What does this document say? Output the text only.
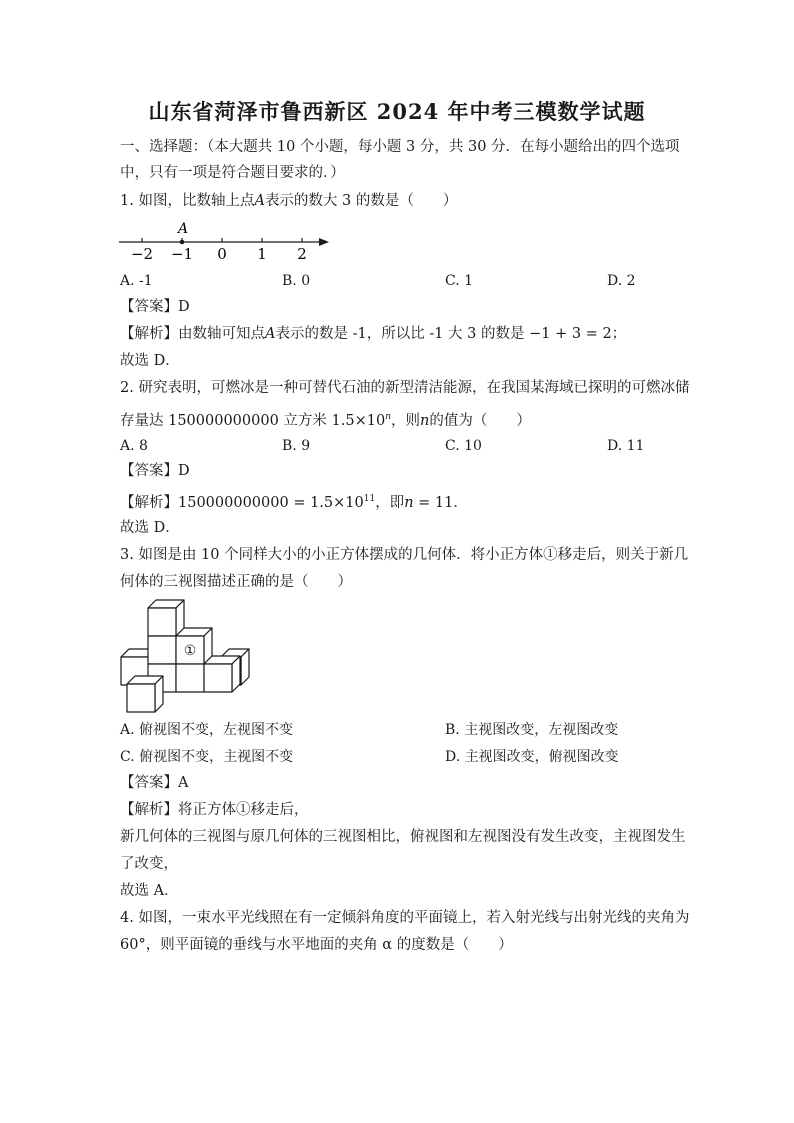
山东省菏泽市鲁西新区 2024 年中考三模数学试题
一、选择题：（本大题共 10 个小题，每小题 3 分，共 30 分．在每小题给出的四个选项
中，只有一项是符合题目要求的．）
1. 如图，比数轴上点A表示的数大 3 的数是（　　）
A
−2 −1 0 1 2
A. -1	B. 0	C. 1	D. 2
【答案】D
【解析】由数轴可知点A表示的数是 -1，所以比 -1 大 3 的数是 −1 + 3 = 2；
故选 D．
2. 研究表明，可燃冰是一种可替代石油的新型清洁能源，在我国某海域已探明的可燃冰储
存量达 150000000000 立方米 $1.5\times 10^n$，则n的值为（　　）
A. 8	B. 9	C. 10	D. 11
【答案】D
【解析】$150000000000 = 1.5\times 10^{11}$，即n = 11．
故选 D．
3. 如图是由 10 个同样大小的小正方体摆成的几何体．将小正方体①移走后，则关于新几
何体的三视图描述正确的是（　　）
①
A. 俯视图不变，左视图不变	B. 主视图改变，左视图改变
C. 俯视图不变，主视图不变	D. 主视图改变，俯视图改变
【答案】A
【解析】将正方体①移走后，
新几何体的三视图与原几何体的三视图相比，俯视图和左视图没有发生改变，主视图发生
了改变，
故选 A．
4. 如图，一束水平光线照在有一定倾斜角度的平面镜上，若入射光线与出射光线的夹角为
60°，则平面镜的垂线与水平地面的夹角 α 的度数是（　　）
